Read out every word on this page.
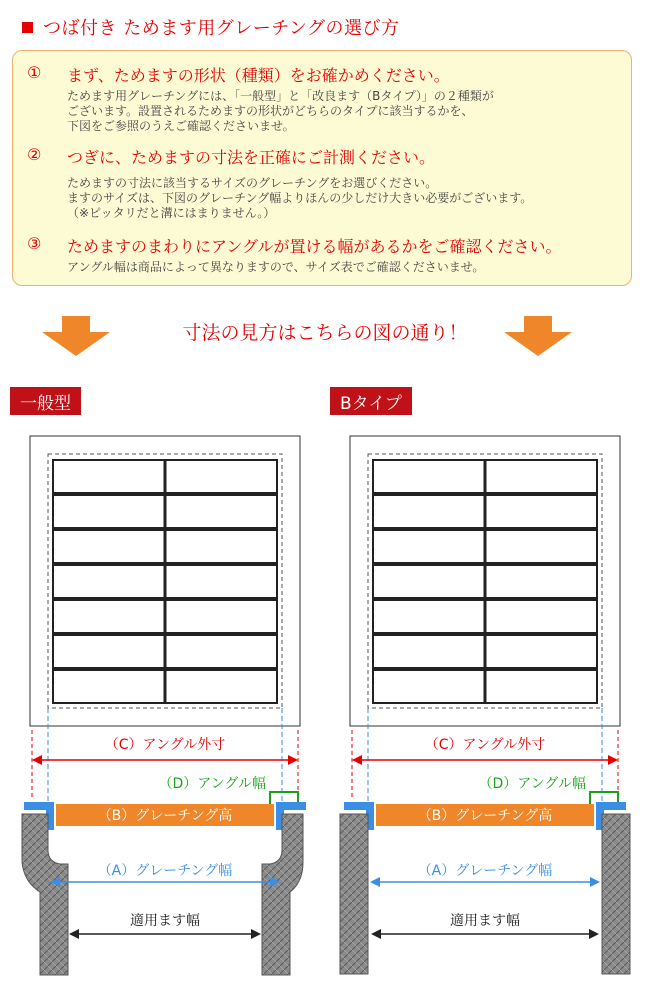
つば付き ためます用グレーチングの選び方
①	まず、ためますの形状（種類）をお確かめください。
ためます用グレーチングには、「一般型」と「改良ます（Bタイプ）」の２種類が
ございます。設置されるためますの形状がどちらのタイプに該当するかを、
下図をご参照のうえご確認くださいませ。
②	つぎに、ためますの寸法を正確にご計測ください。
ためますの寸法に該当するサイズのグレーチングをお選びください。
ますのサイズは、下図のグレーチング幅よりほんの少しだけ大きい必要がございます。
（※ピッタリだと溝にはまりません。）
③	ためますのまわりにアングルが置ける幅があるかをご確認ください。
アングル幅は商品によって異なりますので、サイズ表でご確認くださいませ。
寸法の見方はこちらの図の通り！
一般型	Bタイプ
（C）アングル外寸
（D）アングル幅
（B）グレーチング高
（A）グレーチング幅
適用ます幅
（C）アングル外寸
（D）アングル幅
（B）グレーチング高
（A）グレーチング幅
適用ます幅
